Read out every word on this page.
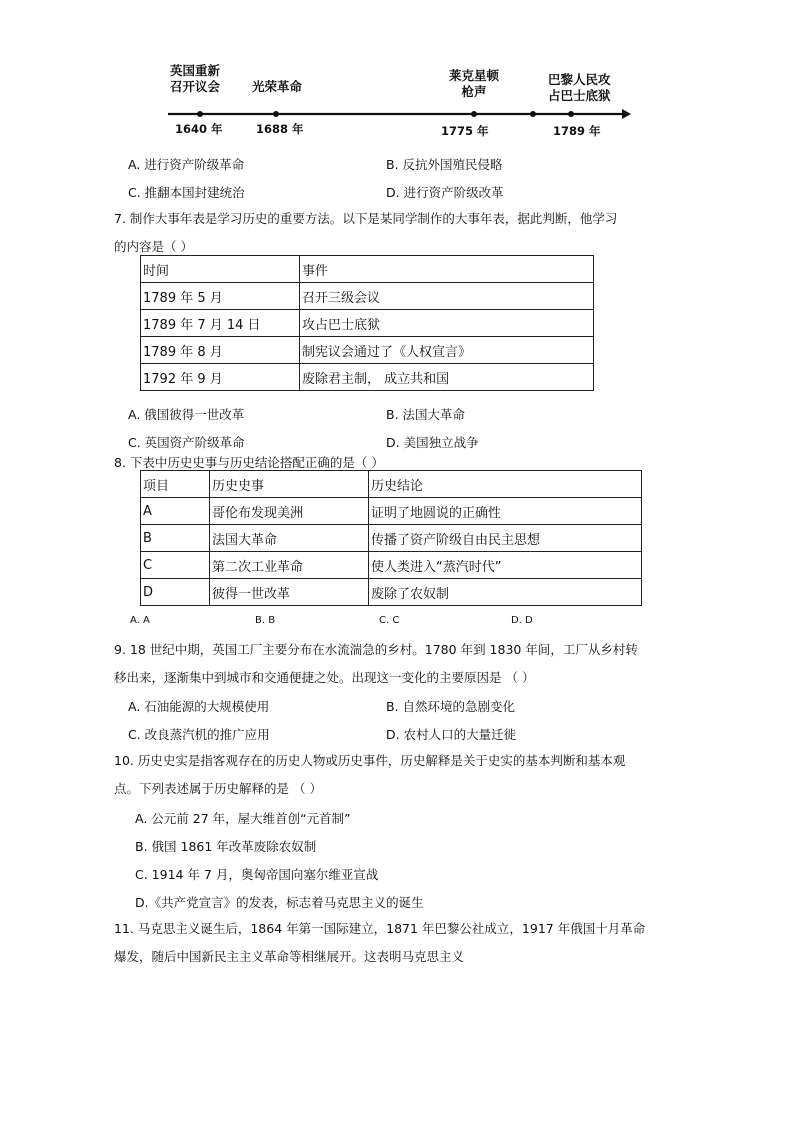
英国重新
召开议会	光荣革命
莱克星顿
枪声
巴黎人民攻
占巴士底狱
1640 年	1688 年	1775 年	1789 年
A. 进行资产阶级革命	B. 反抗外国殖民侵略
C. 推翻本国封建统治	D. 进行资产阶级改革
7. 制作大事年表是学习历史的重要方法。以下是某同学制作的大事年表，据此判断，他学习
的内容是（ ）
时间	事件
1789 年 5 月	召开三级会议
1789 年 7 月 14 日	攻占巴士底狱
1789 年 8 月	制宪议会通过了《人权宣言》
1792 年 9 月	废除君主制， 成立共和国
A. 俄国彼得一世改革	B. 法国大革命
C. 英国资产阶级革命	D. 美国独立战争
8. 下表中历史史事与历史结论搭配正确的是（ ）
项目	历史史事	历史结论
A	哥伦布发现美洲	证明了地圆说的正确性
B	法国大革命	传播了资产阶级自由民主思想
C	第二次工业革命	使人类进入“蒸汽时代”
D	彼得一世改革	废除了农奴制
A. A	B. B	C. C	D. D
9. 18 世纪中期，英国工厂主要分布在水流湍急的乡村。1780 年到 1830 年间，工厂从乡村转
移出来，逐渐集中到城市和交通便捷之处。出现这一变化的主要原因是 （ ）
A. 石油能源的大规模使用	B. 自然环境的急剧变化
C. 改良蒸汽机的推广应用	D. 农村人口的大量迁徙
10. 历史史实是指客观存在的历史人物或历史事件，历史解释是关于史实的基本判断和基本观
点。下列表述属于历史解释的是 （ ）
A. 公元前 27 年，屋大维首创“元首制”
B. 俄国 1861 年改革废除农奴制
C. 1914 年 7 月，奥匈帝国向塞尔维亚宣战
D.《共产党宣言》的发表，标志着马克思主义的诞生
11. 马克思主义诞生后，1864 年第一国际建立，1871 年巴黎公社成立，1917 年俄国十月革命
爆发，随后中国新民主主义革命等相继展开。这表明马克思主义
